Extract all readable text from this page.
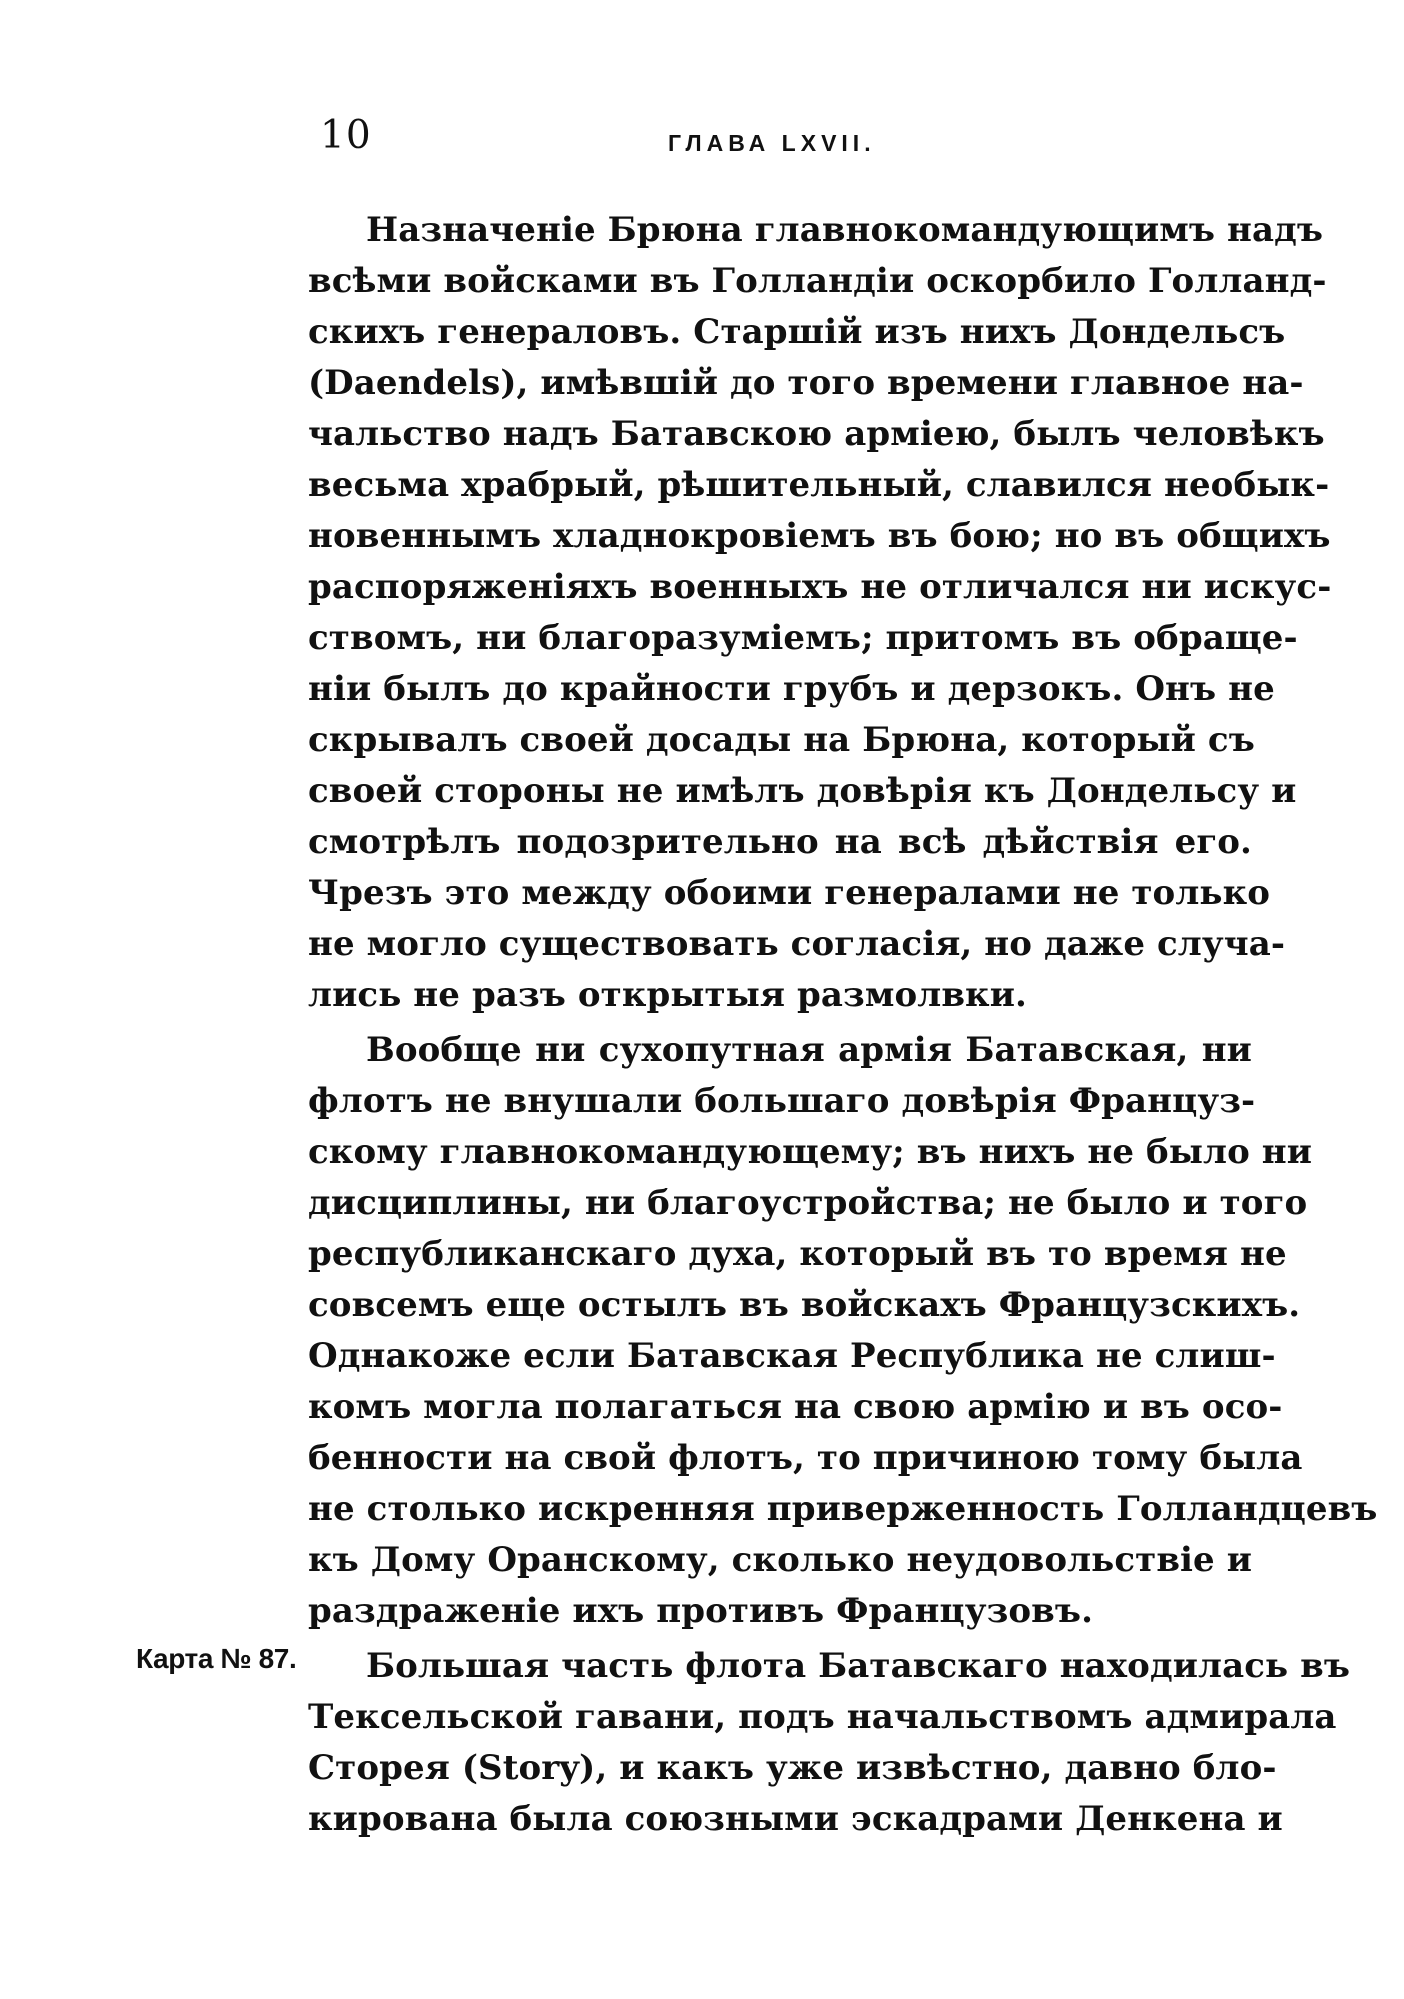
10	ГЛАВА LXVII.
Назначеніе Брюна главнокомандующимъ надъ
всѣми войсками въ Голландіи оскорбило Голланд-
скихъ генераловъ. Старшій изъ нихъ Дондельсъ
(Daendels), имѣвшій до того времени главное на-
чальство надъ Батавскою арміею, былъ человѣкъ
весьма храбрый, рѣшительный, славился необык-
новеннымъ хладнокровіемъ въ бою; но въ общихъ
распоряженіяхъ военныхъ не отличался ни искус-
ствомъ, ни благоразуміемъ; притомъ въ обраще-
ніи былъ до крайности грубъ и дерзокъ. Онъ не
скрывалъ своей досады на Брюна, который съ
своей стороны не имѣлъ довѣрія къ Дондельсу и
смотрѣлъ подозрительно на всѣ дѣйствія его.
Чрезъ это между обоими генералами не только
не могло существовать согласія, но даже случа-
лись не разъ открытыя размолвки.
Вообще ни сухопутная армія Батавская, ни
флотъ не внушали большаго довѣрія Француз-
скому главнокомандующему; въ нихъ не было ни
дисциплины, ни благоустройства; не было и того
республиканскаго духа, который въ то время не
совсемъ еще остылъ въ войскахъ Французскихъ.
Однакоже если Батавская Республика не слиш-
комъ могла полагаться на свою армію и въ осо-
бенности на свой флотъ, то причиною тому была
не столько искренняя приверженность Голландцевъ
къ Дому Оранскому, сколько неудовольствіе и
раздраженіе ихъ противъ Французовъ.
Большая часть флота Батавскаго находилась въ
Тексельской гавани, подъ начальствомъ адмирала
Сторея (Story), и какъ уже извѣстно, давно бло-
кирована была союзными эскадрами Денкена и
Карта № 87.
